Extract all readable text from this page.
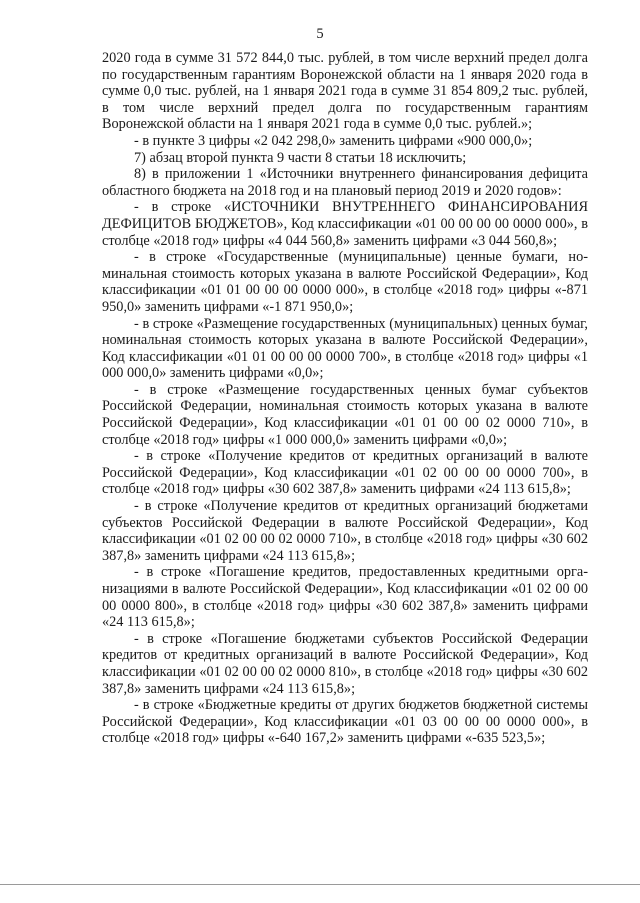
5

2020 года в сумме 31 572 844,0 тыс. рублей, в том числе верхний предел долга по государственным гарантиям Воронежской области на 1 января 2020 года в сумме 0,0 тыс. рублей, на 1 января 2021 года в сумме 31 854 809,2 тыс. рублей, в том числе верхний предел долга по государственным гарантиям Воронежской области на 1 января 2021 года в сумме 0,0 тыс. рублей.»;

- в пункте 3 цифры «2 042 298,0» заменить цифрами «900 000,0»;

7) абзац второй пункта 9 части 8 статьи 18 исключить;

8) в приложении 1 «Источники внутреннего финансирования дефицита областного бюджета на 2018 год и на плановый период 2019 и 2020 годов»:

- в строке «ИСТОЧНИКИ ВНУТРЕННЕГО ФИНАНСИРОВАНИЯ ДЕФИЦИТОВ БЮДЖЕТОВ», Код классификации «01 00 00 00 00 0000 000», в столбце «2018 год» цифры «4 044 560,8» заменить цифрами «3 044 560,8»;

- в строке «Государственные (муниципальные) ценные бумаги, номинальная стоимость которых указана в валюте Российской Федерации», Код классификации «01 01 00 00 00 0000 000», в столбце «2018 год» цифры «-871 950,0» заменить цифрами «-1 871 950,0»;

- в строке «Размещение государственных (муниципальных) ценных бумаг, номинальная стоимость которых указана в валюте Российской Федерации», Код классификации «01 01 00 00 00 0000 700», в столбце «2018 год» цифры «1 000 000,0» заменить цифрами «0,0»;

- в строке «Размещение государственных ценных бумаг субъектов Российской Федерации, номинальная стоимость которых указана в валюте Российской Федерации», Код классификации «01 01 00 00 02 0000 710», в столбце «2018 год» цифры «1 000 000,0» заменить цифрами «0,0»;

- в строке «Получение кредитов от кредитных организаций в валюте Российской Федерации», Код классификации «01 02 00 00 00 0000 700», в столбце «2018 год» цифры «30 602 387,8» заменить цифрами «24 113 615,8»;

- в строке «Получение кредитов от кредитных организаций бюджетами субъектов Российской Федерации в валюте Российской Федерации», Код классификации «01 02 00 00 02 0000 710», в столбце «2018 год» цифры «30 602 387,8» заменить цифрами «24 113 615,8»;

- в строке «Погашение кредитов, предоставленных кредитными организациями в валюте Российской Федерации», Код классификации «01 02 00 00 00 0000 800», в столбце «2018 год» цифры «30 602 387,8» заменить цифрами «24 113 615,8»;

- в строке «Погашение бюджетами субъектов Российской Федерации кредитов от кредитных организаций в валюте Российской Федерации», Код классификации «01 02 00 00 02 0000 810», в столбце «2018 год» цифры «30 602 387,8» заменить цифрами «24 113 615,8»;

- в строке «Бюджетные кредиты от других бюджетов бюджетной системы Российской Федерации», Код классификации «01 03 00 00 00 0000 000», в столбце «2018 год» цифры «-640 167,2» заменить цифрами «-635 523,5»;
